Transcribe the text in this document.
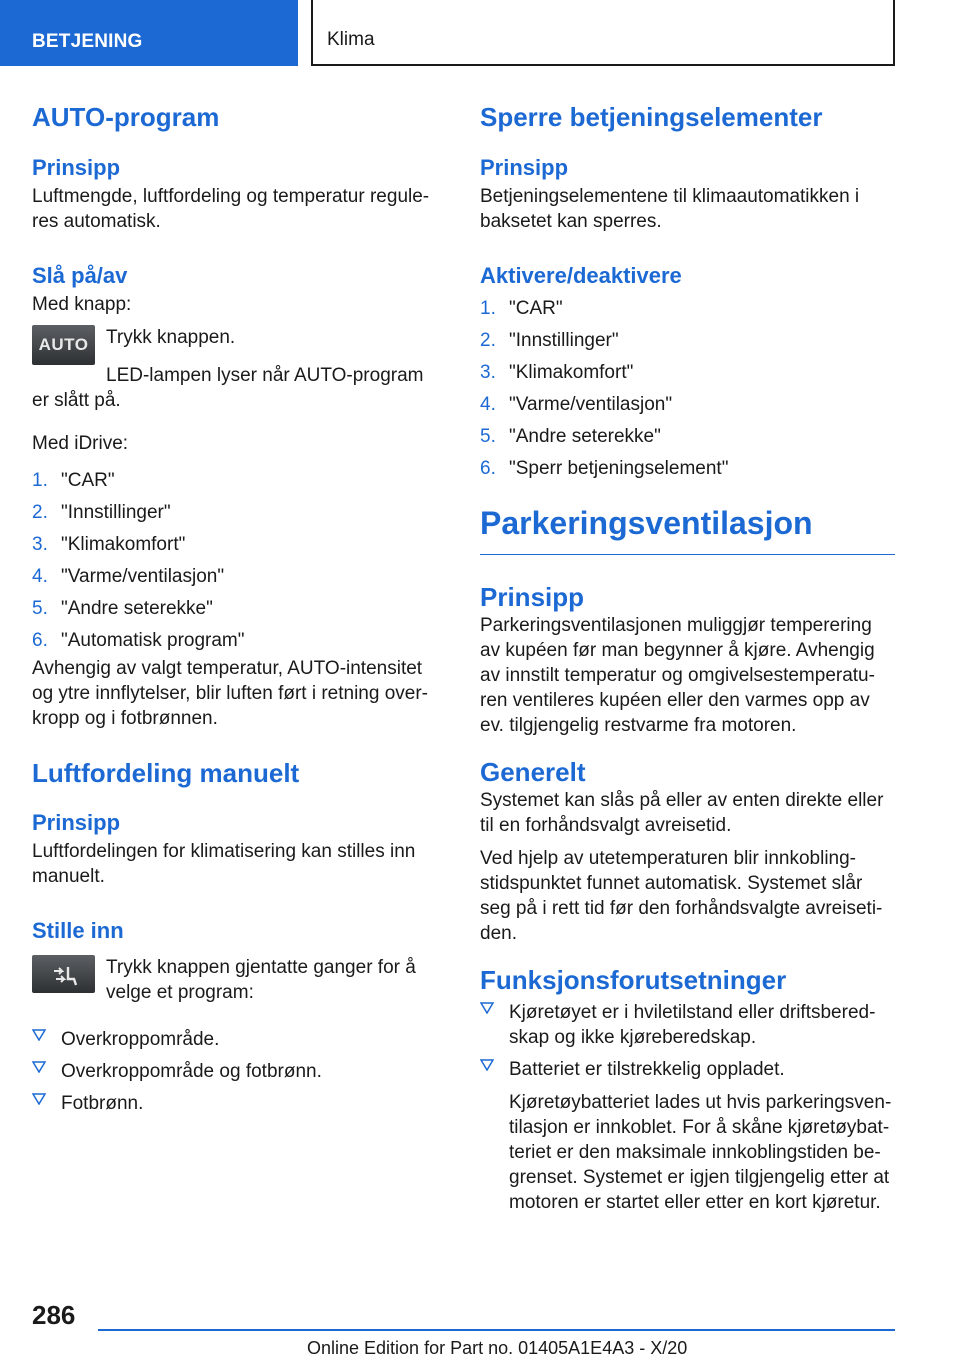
BETJENING	Klima
AUTO-program
Prinsipp

Luftmengde, luftfordeling og temperatur regule-res automatisk.

Slå på/av

Med knapp:

AUTO Trykk knappen.

LED-lampen lyser når AUTO-program er slått på.

Med iDrive:

1. "CAR"
2. "Innstillinger"
3. "Klimakomfort"
4. "Varme/ventilasjon"
5. "Andre seterekke"
6. "Automatisk program"

Avhengig av valgt temperatur, AUTO-intensitet og ytre innflytelser, blir luften ført i retning over-kropp og i fotbrønnen.

Luftfordeling manuelt
Prinsipp

Luftfordelingen for klimatisering kan stilles inn manuelt.

Stille inn

Trykk knappen gjentatte ganger for å velge et program:

Overkroppområde.
Overkroppområde og fotbrønn.
Fotbrønn.
Sperre betjeningselementer
Prinsipp

Betjeningselementene til klimaautomatikken i baksetet kan sperres.

Aktivere/deaktivere
1. "CAR"
2. "Innstillinger"
3. "Klimakomfort"
4. "Varme/ventilasjon"
5. "Andre seterekke"
6. "Sperr betjeningselement"
Parkeringsventilasjon
Prinsipp

Parkeringsventilasjonen muliggjør temperering av kupéen før man begynner å kjøre. Avhengig av innstilt temperatur og omgivelsestemperatu-ren ventileres kupéen eller den varmes opp av ev. tilgjengelig restvarme fra motoren.

Generelt

Systemet kan slås på eller av enten direkte eller til en forhåndsvalgt avreisetid.

Ved hjelp av utetemperaturen blir innkobling-stidspunktet funnet automatisk. Systemet slår seg på i rett tid før den forhåndsvalgte avreiseti-den.

Funksjonsforutsetninger
Kjøretøyet er i hviletilstand eller driftsbered-skap og ikke kjøreberedskap.
Batteriet er tilstrekkelig oppladet.

Kjøretøybatteriet lades ut hvis parkeringsven-tilasjon er innkoblet. For å skåne kjøretøybat-teriet er den maksimale innkoblingstiden be-grenset. Systemet er igjen tilgjengelig etter at motoren er startet eller etter en kort kjøretur.

286
Online Edition for Part no. 01405A1E4A3 - X/20
